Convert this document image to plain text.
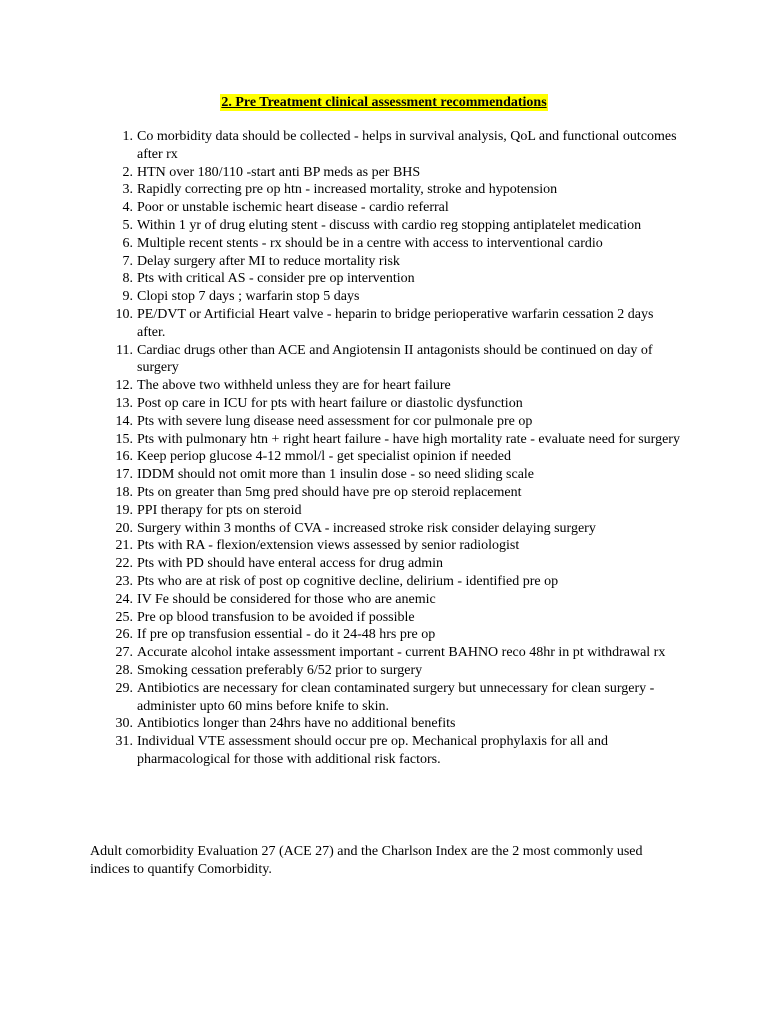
2. Pre Treatment clinical assessment recommendations
1. Co morbidity data should be collected - helps in survival analysis, QoL and functional outcomes after rx
2. HTN over 180/110 -start anti BP meds as per BHS
3. Rapidly correcting pre op htn - increased mortality, stroke and hypotension
4. Poor or unstable ischemic heart disease - cardio referral
5. Within 1 yr of drug eluting stent - discuss with cardio reg stopping antiplatelet medication
6. Multiple recent stents - rx should be in a centre with access to interventional cardio
7. Delay surgery after MI to reduce mortality risk
8. Pts with critical AS - consider pre op intervention
9. Clopi stop 7 days ; warfarin stop 5 days
10. PE/DVT or Artificial Heart valve - heparin to bridge perioperative warfarin cessation 2 days after.
11. Cardiac drugs other than ACE and Angiotensin II antagonists should be continued on day of surgery
12. The above two withheld unless they are for heart failure
13. Post op care in ICU for pts with heart failure or diastolic dysfunction
14. Pts with severe lung disease need assessment for cor pulmonale pre op
15. Pts with pulmonary htn + right heart failure - have high mortality rate - evaluate need for surgery
16. Keep periop glucose 4-12 mmol/l - get specialist opinion if needed
17. IDDM should not omit more than 1 insulin dose - so need sliding scale
18. Pts on greater than 5mg pred should have pre op steroid replacement
19. PPI therapy for pts on steroid
20. Surgery within 3 months of CVA - increased stroke risk consider delaying surgery
21. Pts with RA - flexion/extension views assessed by senior radiologist
22. Pts with PD should have enteral access for drug admin
23. Pts who are at risk of post op cognitive decline, delirium - identified pre op
24. IV Fe should be considered for those who are anemic
25. Pre op blood transfusion to be avoided if possible
26. If pre op transfusion essential - do it 24-48 hrs pre op
27. Accurate alcohol intake assessment important - current BAHNO reco 48hr in pt withdrawal rx
28. Smoking cessation preferably 6/52 prior to surgery
29. Antibiotics are necessary for clean contaminated surgery but unnecessary for clean surgery - administer upto 60 mins before knife to skin.
30. Antibiotics longer than 24hrs have no additional benefits
31. Individual VTE assessment should occur pre op. Mechanical prophylaxis for all and pharmacological for those with additional risk factors.

Adult comorbidity Evaluation 27 (ACE 27) and the Charlson Index are the 2 most commonly used indices to quantify Comorbidity.
